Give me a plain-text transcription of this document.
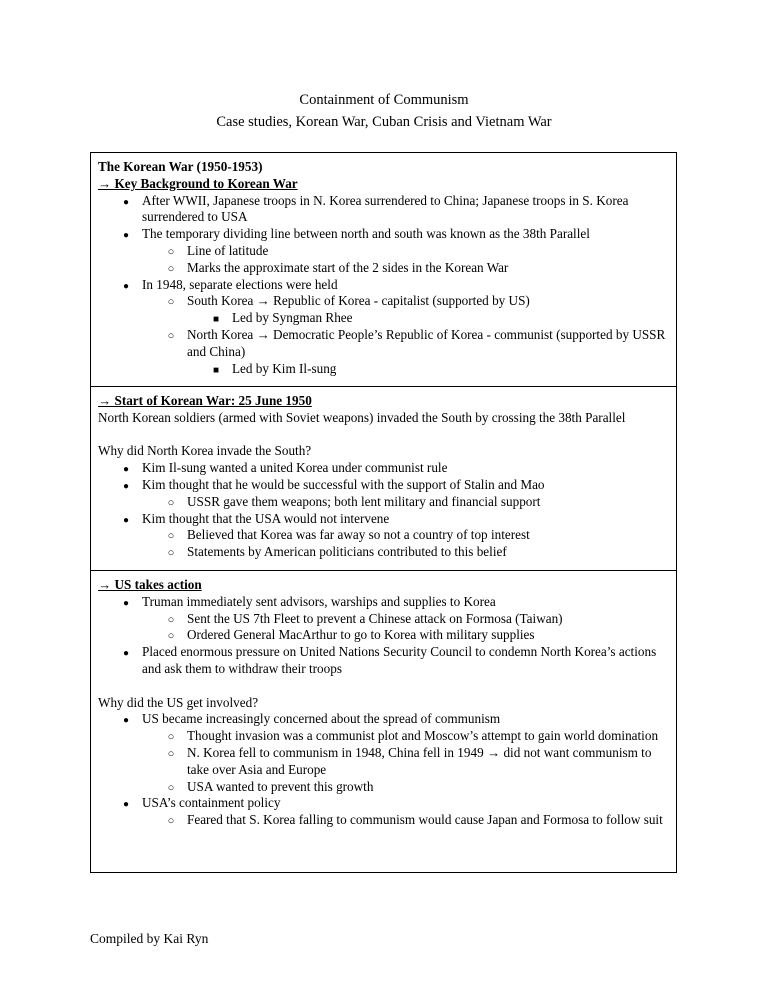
Containment of Communism
Case studies, Korean War, Cuban Crisis and Vietnam War
The Korean War (1950-1953)
→ Key Background to Korean War
●
After WWII, Japanese troops in N. Korea surrendered to China; Japanese troops in S. Korea surrendered to USA
●
The temporary dividing line between north and south was known as the 38th Parallel
○
Line of latitude
○
Marks the approximate start of the 2 sides in the Korean War
●
In 1948, separate elections were held
○
South Korea → Republic of Korea - capitalist (supported by US)
■
Led by Syngman Rhee
○
North Korea → Democratic People’s Republic of Korea - communist (supported by USSR and China)
■
Led by Kim Il-sung
→ Start of Korean War: 25 June 1950
North Korean soldiers (armed with Soviet weapons) invaded the South by crossing the 38th Parallel
Why did North Korea invade the South?
●
Kim Il-sung wanted a united Korea under communist rule
●
Kim thought that he would be successful with the support of Stalin and Mao
○
USSR gave them weapons; both lent military and financial support
●
Kim thought that the USA would not intervene
○
Believed that Korea was far away so not a country of top interest
○
Statements by American politicians contributed to this belief
→ US takes action
●
Truman immediately sent advisors, warships and supplies to Korea
○
Sent the US 7th Fleet to prevent a Chinese attack on Formosa (Taiwan)
○
Ordered General MacArthur to go to Korea with military supplies
●
Placed enormous pressure on United Nations Security Council to condemn North Korea’s actions and ask them to withdraw their troops
Why did the US get involved?
●
US became increasingly concerned about the spread of communism
○
Thought invasion was a communist plot and Moscow’s attempt to gain world domination
○
N. Korea fell to communism in 1948, China fell in 1949 → did not want communism to take over Asia and Europe
○
USA wanted to prevent this growth
●
USA’s containment policy
○
Feared that S. Korea falling to communism would cause Japan and Formosa to follow suit
Compiled by Kai Ryn
